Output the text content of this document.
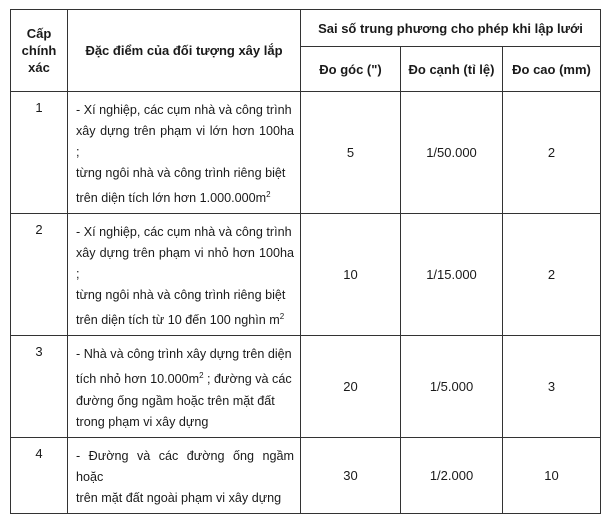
Cấp
chính
xác	Đặc điểm của đối tượng xây lắp	Sai số trung phương cho phép khi lập lưới		
		Đo góc (")	Đo cạnh (tỉ lệ)	Đo cao (mm)
1	- Xí nghiệp, các cụm nhà và công trình
xây dựng trên phạm vi lớn hơn 100ha ;
từng ngôi nhà và công trình riêng biệt
trên diện tích lớn hơn $1.000.000m^2$	5	1/50.000	2
2	- Xí nghiệp, các cụm nhà và công trình
xây dựng trên phạm vi nhỏ hơn 100ha ;
từng ngôi nhà và công trình riêng biệt
trên diện tích từ 10 đến 100 nghìn $m^2$	10	1/15.000	2
3	- Nhà và công trình xây dựng trên diện
tích nhỏ hơn $10.000m^2$ ; đường và các
đường ống ngầm hoặc trên mặt đất
trong phạm vi xây dựng	20	1/5.000	3
4	- Đường và các đường ống ngầm hoặc
trên mặt đất ngoài phạm vi xây dựng	30	1/2.000	10
